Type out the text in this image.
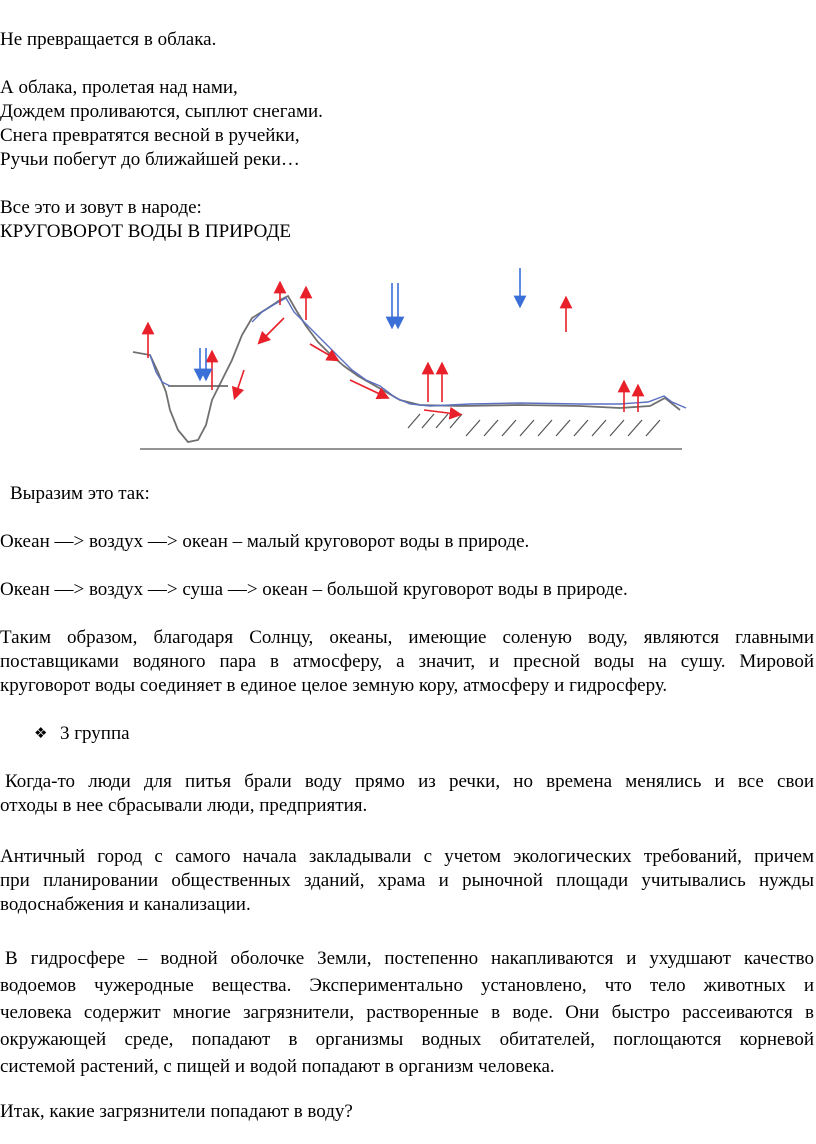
Не превращается в облака.
А облака, пролетая над нами,
Дождем проливаются, сыплют снегами.
Снега превратятся весной в ручейки,
Ручьи побегут до ближайшей реки…
Все это и зовут в народе:
КРУГОВОРОТ ВОДЫ В ПРИРОДЕ
Выразим это так:
Океан —> воздух —> океан – малый круговорот воды в природе.
Океан —> воздух —> суша —> океан – большой круговорот воды в природе.
Таким образом, благодаря Солнцу, океаны, имеющие соленую воду, являются главными
поставщиками водяного пара в атмосферу, а значит, и пресной воды на сушу. Мировой
круговорот воды соединяет в единое целое земную кору, атмосферу и гидросферу.
❖ 3 группа
Когда-то люди для питья брали воду прямо из речки, но времена менялись и все свои
отходы в нее сбрасывали люди, предприятия.
Античный город с самого начала закладывали с учетом экологических требований, причем
при планировании общественных зданий, храма и рыночной площади учитывались нужды
водоснабжения и канализации.
В гидросфере – водной оболочке Земли, постепенно накапливаются и ухудшают качество
водоемов чужеродные вещества. Экспериментально установлено, что тело животных и
человека содержит многие загрязнители, растворенные в воде. Они быстро рассеиваются в
окружающей среде, попадают в организмы водных обитателей, поглощаются корневой
системой растений, с пищей и водой попадают в организм человека.
Итак, какие загрязнители попадают в воду?
